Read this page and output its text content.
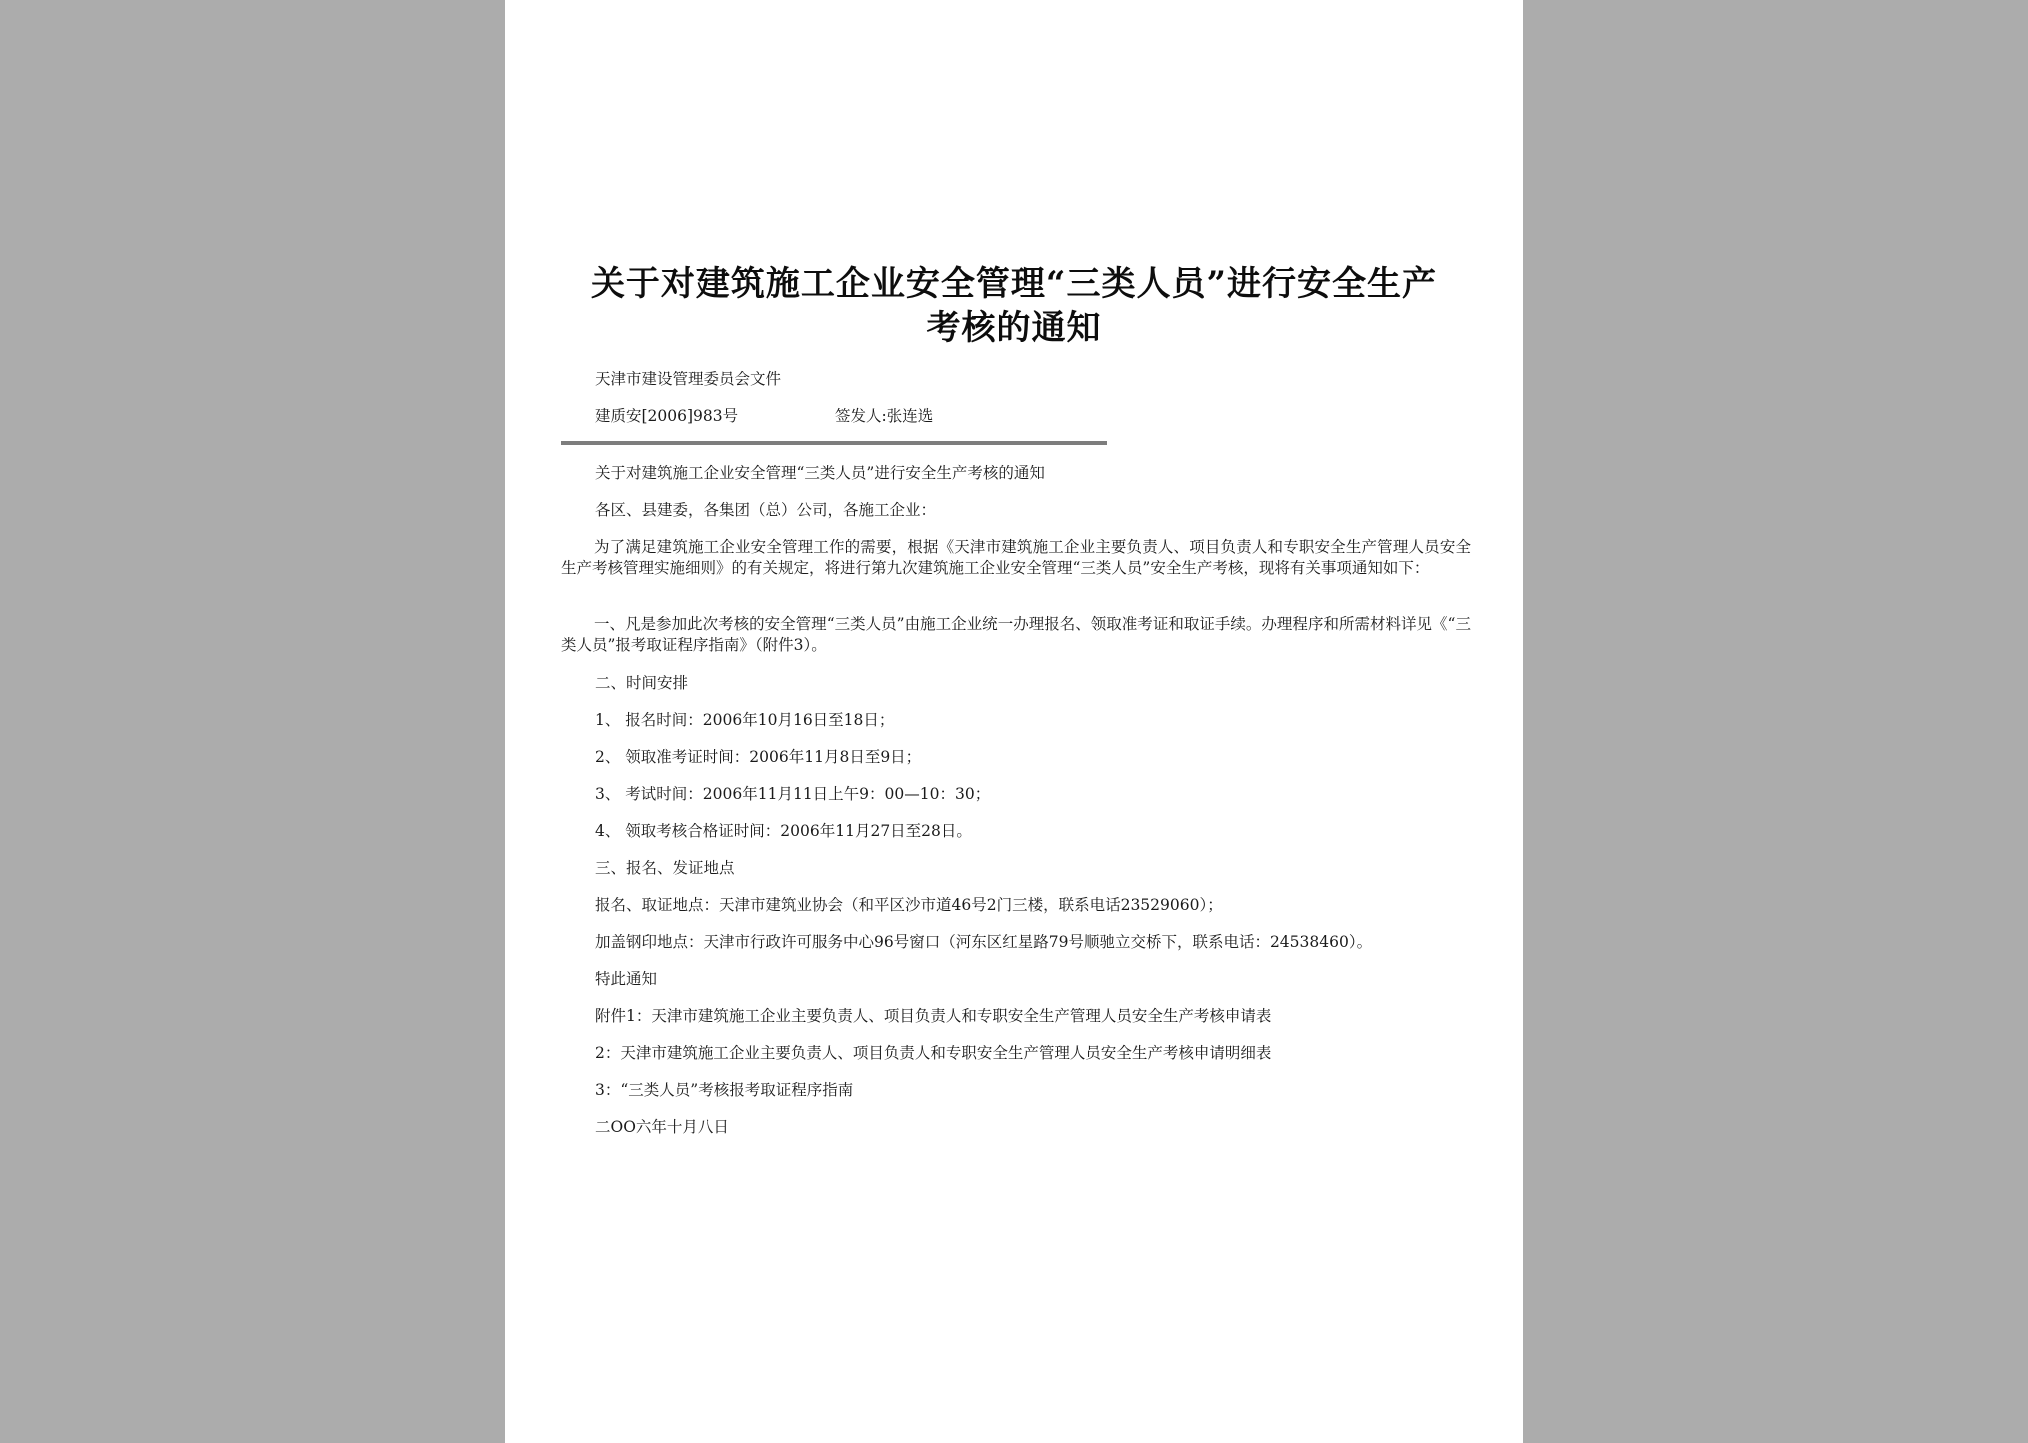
关于对建筑施工企业安全管理“三类人员”进行安全生产
考核的通知
天津市建设管理委员会文件
建质安[2006]983号	签发人:张连选
关于对建筑施工企业安全管理“三类人员”进行安全生产考核的通知
各区、县建委，各集团（总）公司，各施工企业：
为了满足建筑施工企业安全管理工作的需要，根据《天津市建筑施工企业主要负责人、项目负责人和专职安全生产管理人员安全生产考核管理实施细则》的有关规定，将进行第九次建筑施工企业安全管理“三类人员”安全生产考核，现将有关事项通知如下：
一、凡是参加此次考核的安全管理“三类人员”由施工企业统一办理报名、领取准考证和取证手续。办理程序和所需材料详见《“三类人员”报考取证程序指南》（附件3）。
二、时间安排
1、 报名时间：2006年10月16日至18日；
2、 领取准考证时间：2006年11月8日至9日；
3、 考试时间：2006年11月11日上午9：00—10：30；
4、 领取考核合格证时间：2006年11月27日至28日。
三、报名、发证地点
报名、取证地点：天津市建筑业协会（和平区沙市道46号2门三楼，联系电话23529060）；
加盖钢印地点：天津市行政许可服务中心96号窗口（河东区红星路79号顺驰立交桥下，联系电话：24538460）。
特此通知
附件1：天津市建筑施工企业主要负责人、项目负责人和专职安全生产管理人员安全生产考核申请表
2：天津市建筑施工企业主要负责人、项目负责人和专职安全生产管理人员安全生产考核申请明细表
3：“三类人员”考核报考取证程序指南
二OO六年十月八日
